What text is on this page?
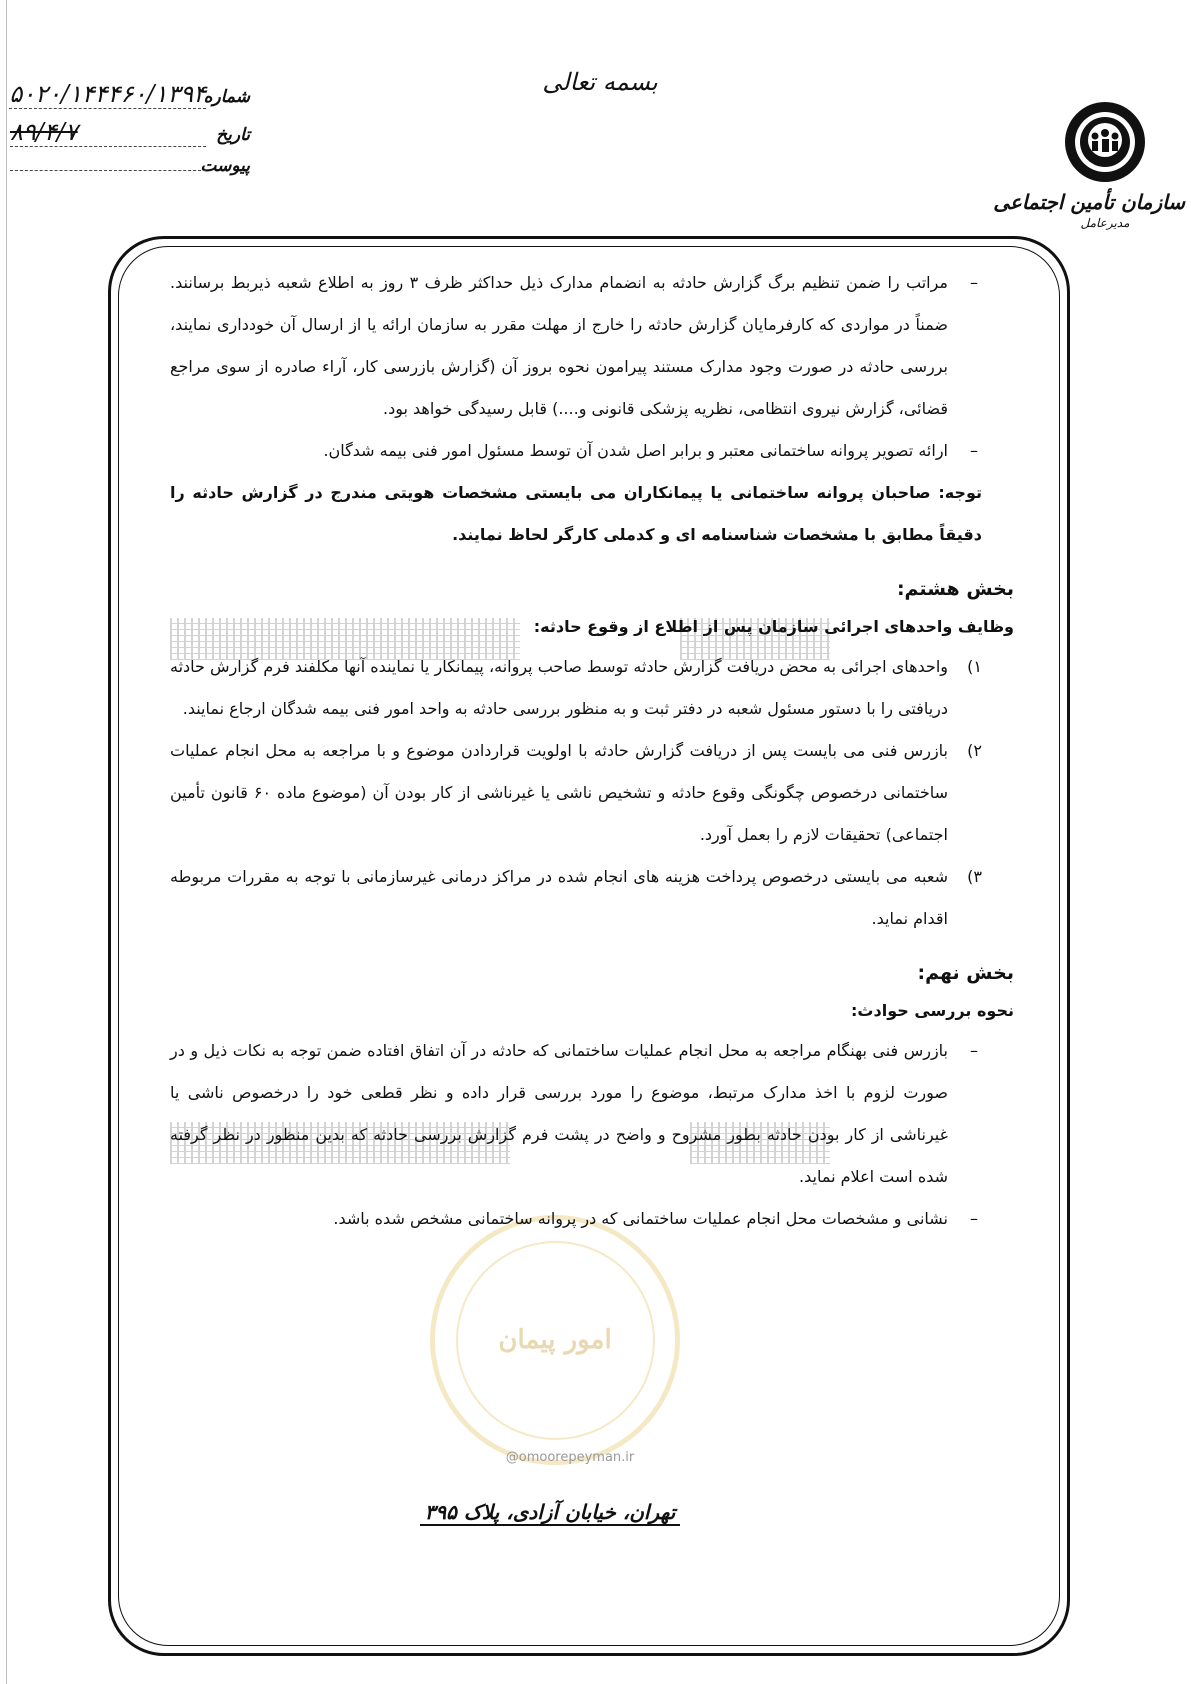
بسمه تعالی
شماره
۵۰۲۰/۱۴۴۴۶۰/۱۳۹۴
تاریخ
۸۹/۴/۷
پیوست
سازمان تأمین اجتماعی
مدیرعامل
امور پیمان
@omoorepeyman.ir
– مراتب را ضمن تنظیم برگ گزارش حادثه به انضمام مدارک ذیل حداکثر ظرف ۳ روز به اطلاع شعبه ذیربط برسانند. ضمناً در مواردی که کارفرمایان گزارش حادثه را خارج از مهلت مقرر به سازمان ارائه یا از ارسال آن خودداری نمایند، بررسی حادثه در صورت وجود مدارک مستند پیرامون نحوه بروز آن (گزارش بازرسی کار، آراء صادره از سوی مراجع قضائی، گزارش نیروی انتظامی، نظریه پزشکی قانونی و....) قابل رسیدگی خواهد بود.
– ارائه تصویر پروانه ساختمانی معتبر و برابر اصل شدن آن توسط مسئول امور فنی بیمه شدگان.
توجه: صاحبان پروانه ساختمانی یا پیمانکاران می بایستی مشخصات هویتی مندرج در گزارش حادثه را دقیقاً مطابق با مشخصات شناسنامه ای و کدملی کارگر لحاظ نمایند.
بخش هشتم:
وظایف واحدهای اجرائی سازمان پس از اطلاع از وقوع حادثه:
۱)
واحدهای اجرائی به محض دریافت گزارش حادثه توسط صاحب پروانه، پیمانکار یا نماینده آنها مکلفند فرم گزارش حادثه دریافتی را با دستور مسئول شعبه در دفتر ثبت و به منظور بررسی حادثه به واحد امور فنی بیمه شدگان ارجاع نمایند.
۲)
بازرس فنی می بایست پس از دریافت گزارش حادثه با اولویت قراردادن موضوع و با مراجعه به محل انجام عملیات ساختمانی درخصوص چگونگی وقوع حادثه و تشخیص ناشی یا غیرناشی از کار بودن آن (موضوع ماده ۶۰ قانون تأمین اجتماعی) تحقیقات لازم را بعمل آورد.
۳)
شعبه می بایستی درخصوص پرداخت هزینه های انجام شده در مراکز درمانی غیرسازمانی با توجه به مقررات مربوطه اقدام نماید.
بخش نهم:
نحوه بررسی حوادث:
– بازرس فنی بهنگام مراجعه به محل انجام عملیات ساختمانی که حادثه در آن اتفاق افتاده ضمن توجه به نکات ذیل و در صورت لزوم با اخذ مدارک مرتبط، موضوع را مورد بررسی قرار داده و نظر قطعی خود را درخصوص ناشی یا غیرناشی از کار بودن حادثه بطور مشروح و واضح در پشت فرم گزارش بررسی حادثه که بدین منظور در نظر گرفته شده است اعلام نماید.
– نشانی و مشخصات محل انجام عملیات ساختمانی که در پروانه ساختمانی مشخص شده باشد.
تهران، خیابان آزادی، پلاک ۳۹۵
